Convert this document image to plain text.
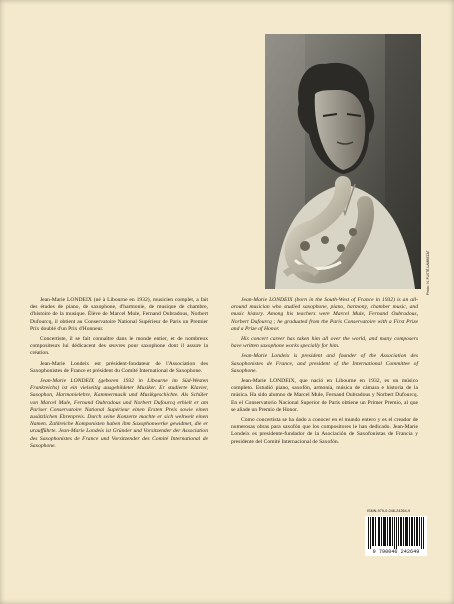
Photo : N. FUSTÉ-LAMBEZAT

Jean-Marie LONDEIX (né à Libourne en 1932), musicien complet, a fait des études de piano, de saxophone, d'harmonie, de musique de chambre, d'histoire de la musique. Élève de Marcel Mule, Fernand Oubradous, Norbert Dufourcq, il obtient au Conservatoire National Supérieur de Paris un Premier Prix doublé d'un Prix d'Honneur.

Concertiste, il se fait connaître dans le monde entier, et de nombreux compositeurs lui dédicacent des œuvres pour saxophone dont il assure la création.

Jean-Marie Londeix est président-fondateur de l'Association des Saxophonistes de France et président du Comité International de Saxophone.

Jean-Marie LONDEIX (geboren 1932 in Libourne im Süd-Westen Frankreichs) ist ein vielseitig ausgebildeter Musiker. Er studierte Klavier, Saxophon, Harmonielehre, Kammermusik und Musikgeschichte. Als Schüler von Marcel Mule, Fernand Oubradous und Norbert Dufourcq erhielt er am Pariser Conservatoire National Supérieur einen Ersten Preis sowie einen zusätzlichen Ehrenpreis. Durch seine Konzerte machte er sich weltweit einen Namen. Zahlreiche Komponisten haben ihm Saxophonwerke gewidmet, die er uraufführte. Jean-Marie Londeix ist Gründer und Vorsitzender der Association des Saxophonistes de France und Vorsitzender des Comité International de Saxophone.

Jean-Marie LONDEIX (born in the South-West of France in 1932) is an all-around musician who studied saxophone, piano, harmony, chamber music, and music history. Among his teachers were Marcel Mule, Fernand Oubradous, Norbert Dufourcq ; he graduated from the Paris Conservatoire with a First Prize and a Prize of Honor.

His concert career has taken him all over the world, and many composers have written saxophone works specially for him.

Jean-Marie Londeix is president and founder of the Association des Saxophonistes de France, and president of the International Committee of Saxophone.

Jean-Marie LONDEIX, que nació en Libourne en 1932, es un músico completo. Estudió piano, saxofón, armonía, música de cámara e historia de la música. Ha sido alumno de Marcel Mule, Fernand Oubradous y Norbert Dufourcq. En el Conservatorio Nacional Superior de París obtiene un Primer Premio, al que se añade un Premio de Honor.

Como concertista se ha dado a conocer en el mundo entero y es el creador de numerosas obras para saxofón que los compositores le han dedicado. Jean-Marie Londeix es presidente-fundador de la Asociación de Saxofonistas de Francia y presidente del Comité Internacional de Saxofón.

ISMN-979-0-046-24264-9
9 790046 242649
